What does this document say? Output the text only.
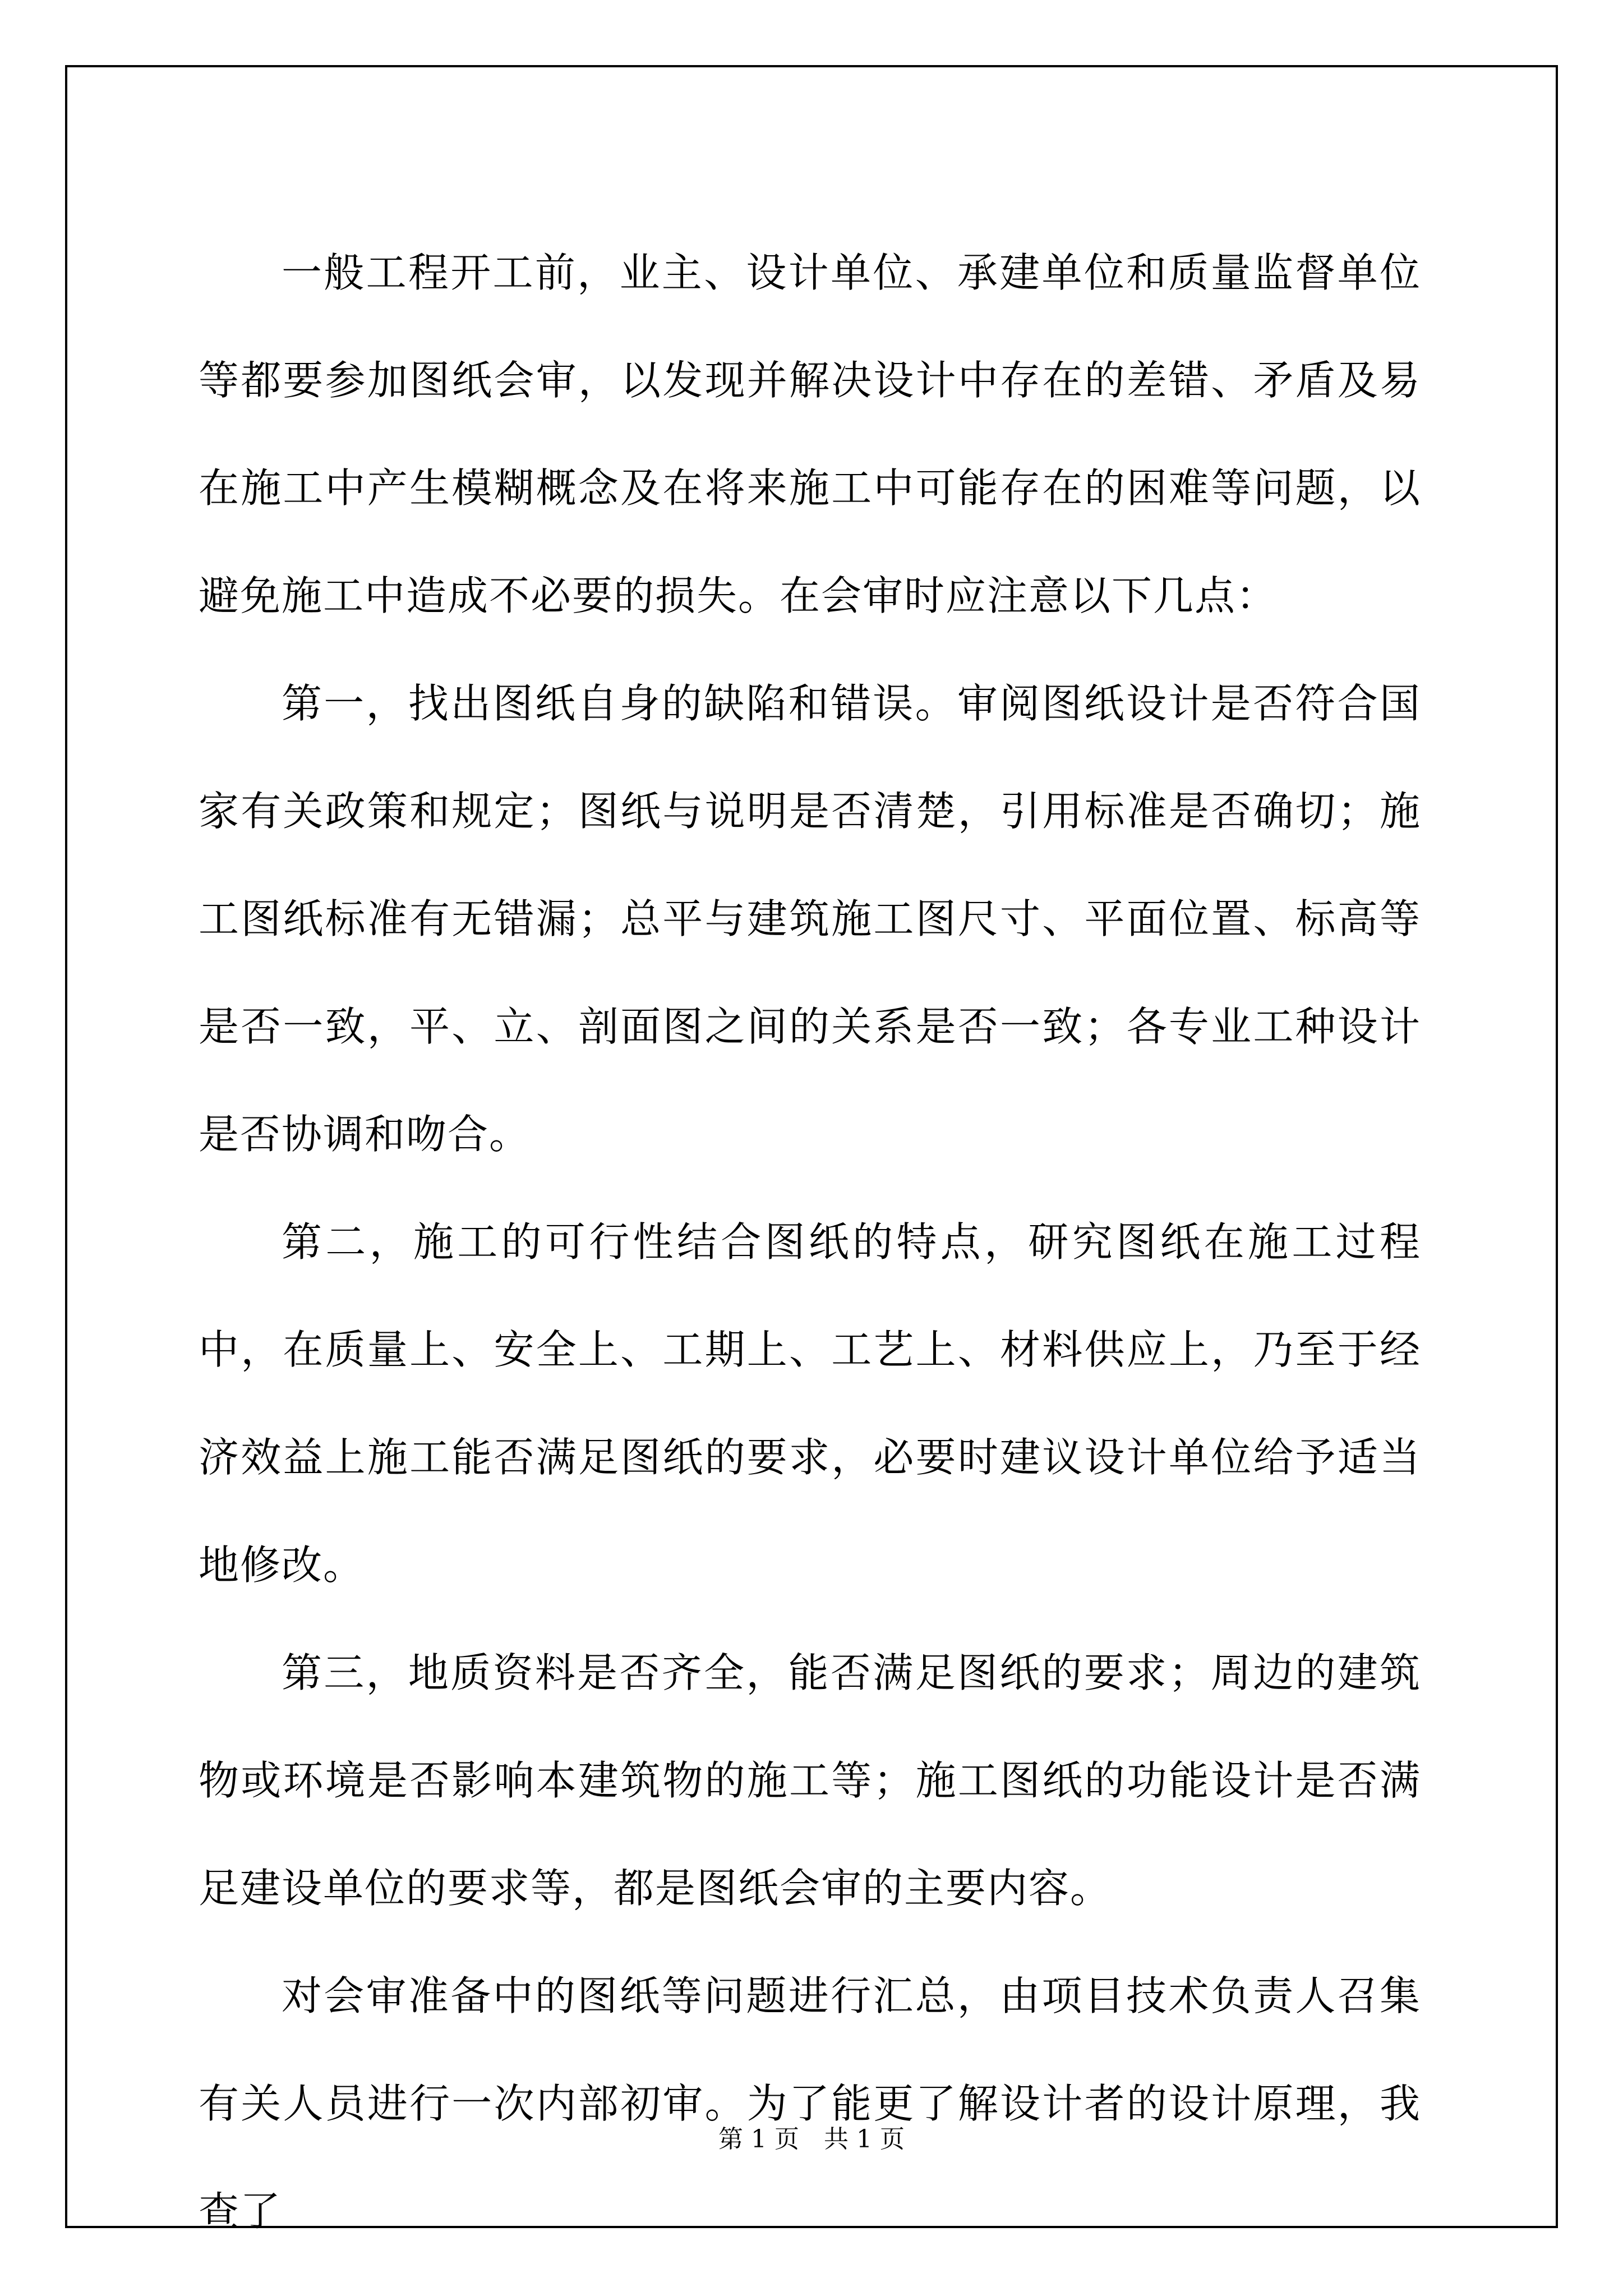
一般工程开工前，业主、设计单位、承建单位和质量监督单位等都要参加图纸会审，以发现并解决设计中存在的差错、矛盾及易在施工中产生模糊概念及在将来施工中可能存在的困难等问题，以避免施工中造成不必要的损失。在会审时应注意以下几点：

第一，找出图纸自身的缺陷和错误。审阅图纸设计是否符合国家有关政策和规定；图纸与说明是否清楚，引用标准是否确切；施工图纸标准有无错漏；总平与建筑施工图尺寸、平面位置、标高等是否一致，平、立、剖面图之间的关系是否一致；各专业工种设计是否协调和吻合。

第二，施工的可行性结合图纸的特点，研究图纸在施工过程中，在质量上、安全上、工期上、工艺上、材料供应上，乃至于经济效益上施工能否满足图纸的要求，必要时建议设计单位给予适当地修改。

第三，地质资料是否齐全，能否满足图纸的要求；周边的建筑物或环境是否影响本建筑物的施工等；施工图纸的功能设计是否满足建设单位的要求等，都是图纸会审的主要内容。

对会审准备中的图纸等问题进行汇总，由项目技术负责人召集有关人员进行一次内部初审。为了能更了解设计者的设计原理，我查了

第 1 页　共 1 页
